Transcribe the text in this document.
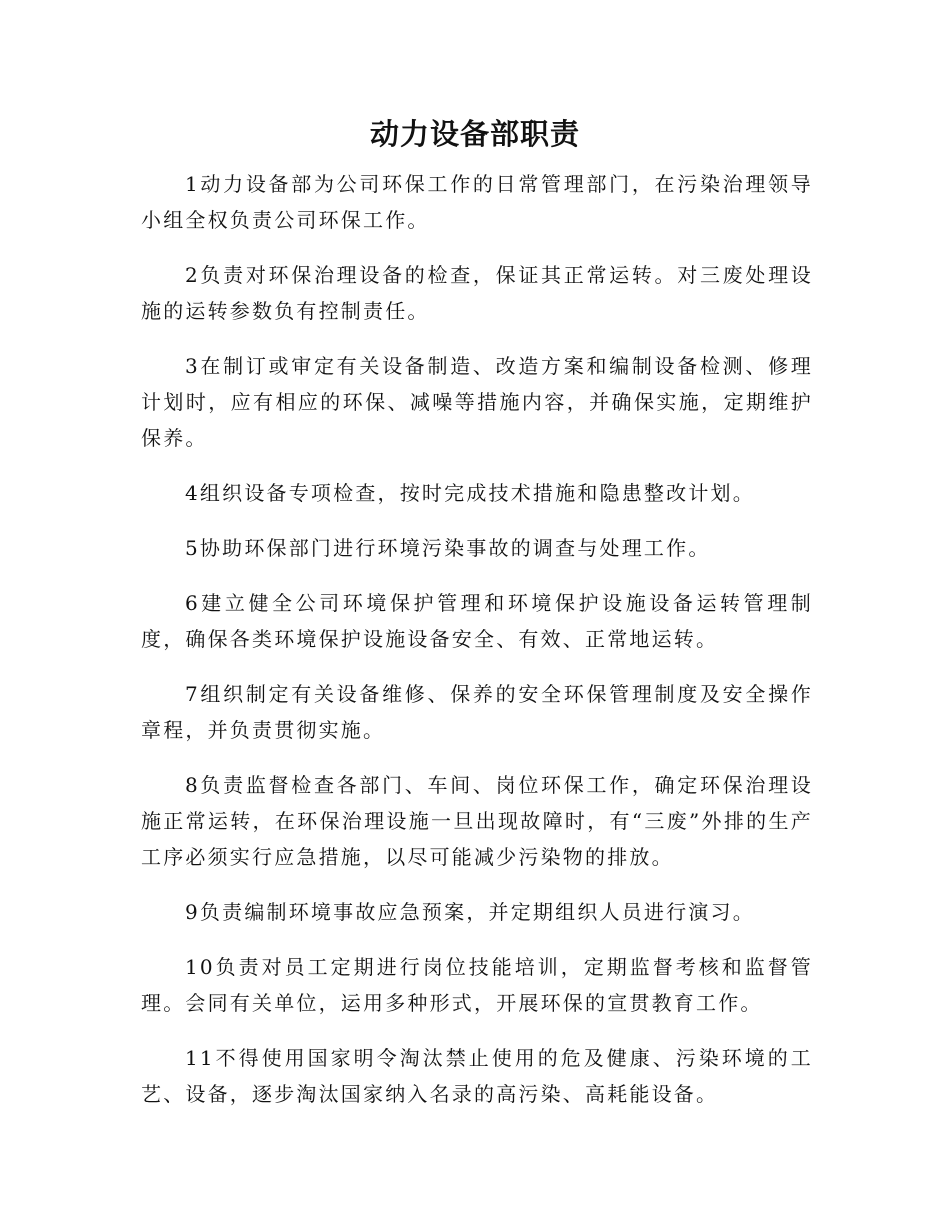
动力设备部职责

1动力设备部为公司环保工作的日常管理部门，在污染治理领导小组全权负责公司环保工作。

2负责对环保治理设备的检查，保证其正常运转。对三废处理设施的运转参数负有控制责任。

3在制订或审定有关设备制造、改造方案和编制设备检测、修理计划时，应有相应的环保、减噪等措施内容，并确保实施，定期维护保养。

4组织设备专项检查，按时完成技术措施和隐患整改计划。

5协助环保部门进行环境污染事故的调查与处理工作。

6建立健全公司环境保护管理和环境保护设施设备运转管理制度，确保各类环境保护设施设备安全、有效、正常地运转。

7组织制定有关设备维修、保养的安全环保管理制度及安全操作章程，并负责贯彻实施。

8负责监督检查各部门、车间、岗位环保工作，确定环保治理设施正常运转，在环保治理设施一旦出现故障时，有“三废”外排的生产工序必须实行应急措施，以尽可能减少污染物的排放。

9负责编制环境事故应急预案，并定期组织人员进行演习。

10负责对员工定期进行岗位技能培训，定期监督考核和监督管理。会同有关单位，运用多种形式，开展环保的宣贯教育工作。

11不得使用国家明令淘汰禁止使用的危及健康、污染环境的工艺、设备，逐步淘汰国家纳入名录的高污染、高耗能设备。
